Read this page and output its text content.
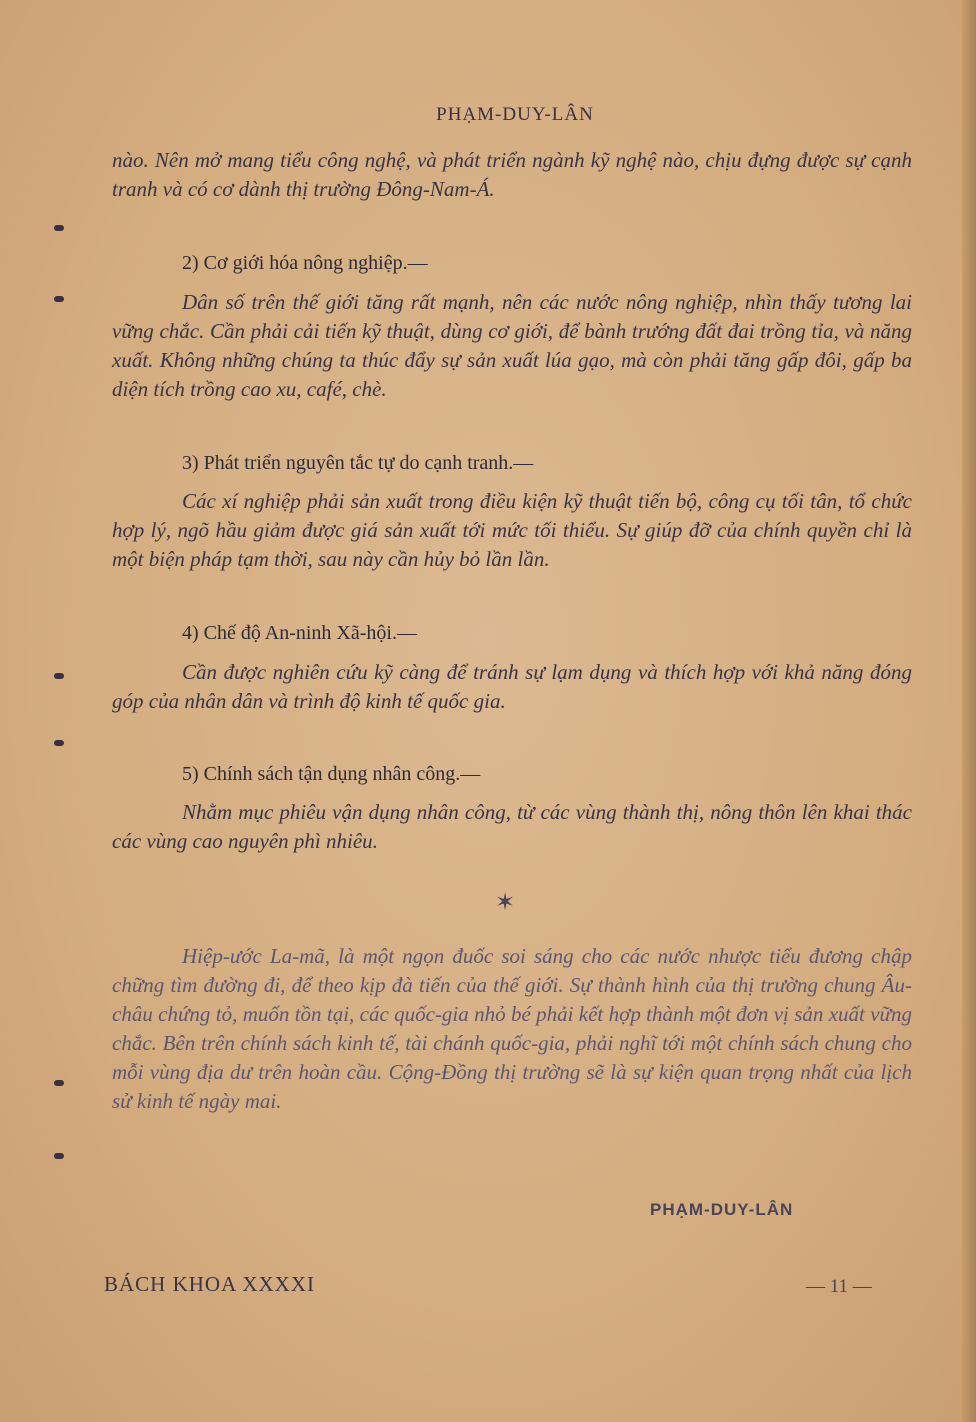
PHẠM-DUY-LÂN
nào. Nên mở mang tiểu công nghệ, và phát triển ngành kỹ nghệ nào, chịu đựng được sự cạnh tranh và có cơ dành thị trường Đông-Nam-Á.
2) Cơ giới hóa nông nghiệp.—
Dân số trên thế giới tăng rất mạnh, nên các nước nông nghiệp, nhìn thấy tương lai vững chắc. Cần phải cải tiến kỹ thuật, dùng cơ giới, để bành trướng đất đai trồng tỉa, và năng xuất. Không những chúng ta thúc đẩy sự sản xuất lúa gạo, mà còn phải tăng gấp đôi, gấp ba diện tích trồng cao xu, café, chè.
3) Phát triển nguyên tắc tự do cạnh tranh.—
Các xí nghiệp phải sản xuất trong điều kiện kỹ thuật tiến bộ, công cụ tối tân, tổ chức hợp lý, ngõ hầu giảm được giá sản xuất tới mức tối thiểu. Sự giúp đỡ của chính quyền chỉ là một biện pháp tạm thời, sau này cần hủy bỏ lần lần.
4) Chế độ An-ninh Xã-hội.—
Cần được nghiên cứu kỹ càng để tránh sự lạm dụng và thích hợp với khả năng đóng góp của nhân dân và trình độ kinh tế quốc gia.
5) Chính sách tận dụng nhân công.—
Nhằm mục phiêu vận dụng nhân công, từ các vùng thành thị, nông thôn lên khai thác các vùng cao nguyên phì nhiêu.
✶
Hiệp-ước La-mã, là một ngọn đuốc soi sáng cho các nước nhược tiểu đương chập chững tìm đường đi, để theo kịp đà tiến của thế giới. Sự thành hình của thị trường chung Âu-châu chứng tỏ, muốn tồn tại, các quốc-gia nhỏ bé phải kết hợp thành một đơn vị sản xuất vững chắc. Bên trên chính sách kinh tế, tài chánh quốc-gia, phải nghĩ tới một chính sách chung cho mỗi vùng địa dư trên hoàn cầu. Cộng-Đồng thị trường sẽ là sự kiện quan trọng nhất của lịch sử kinh tế ngày mai.
PHẠM-DUY-LÂN
BÁCH KHOA XXXXI	— 11 —
